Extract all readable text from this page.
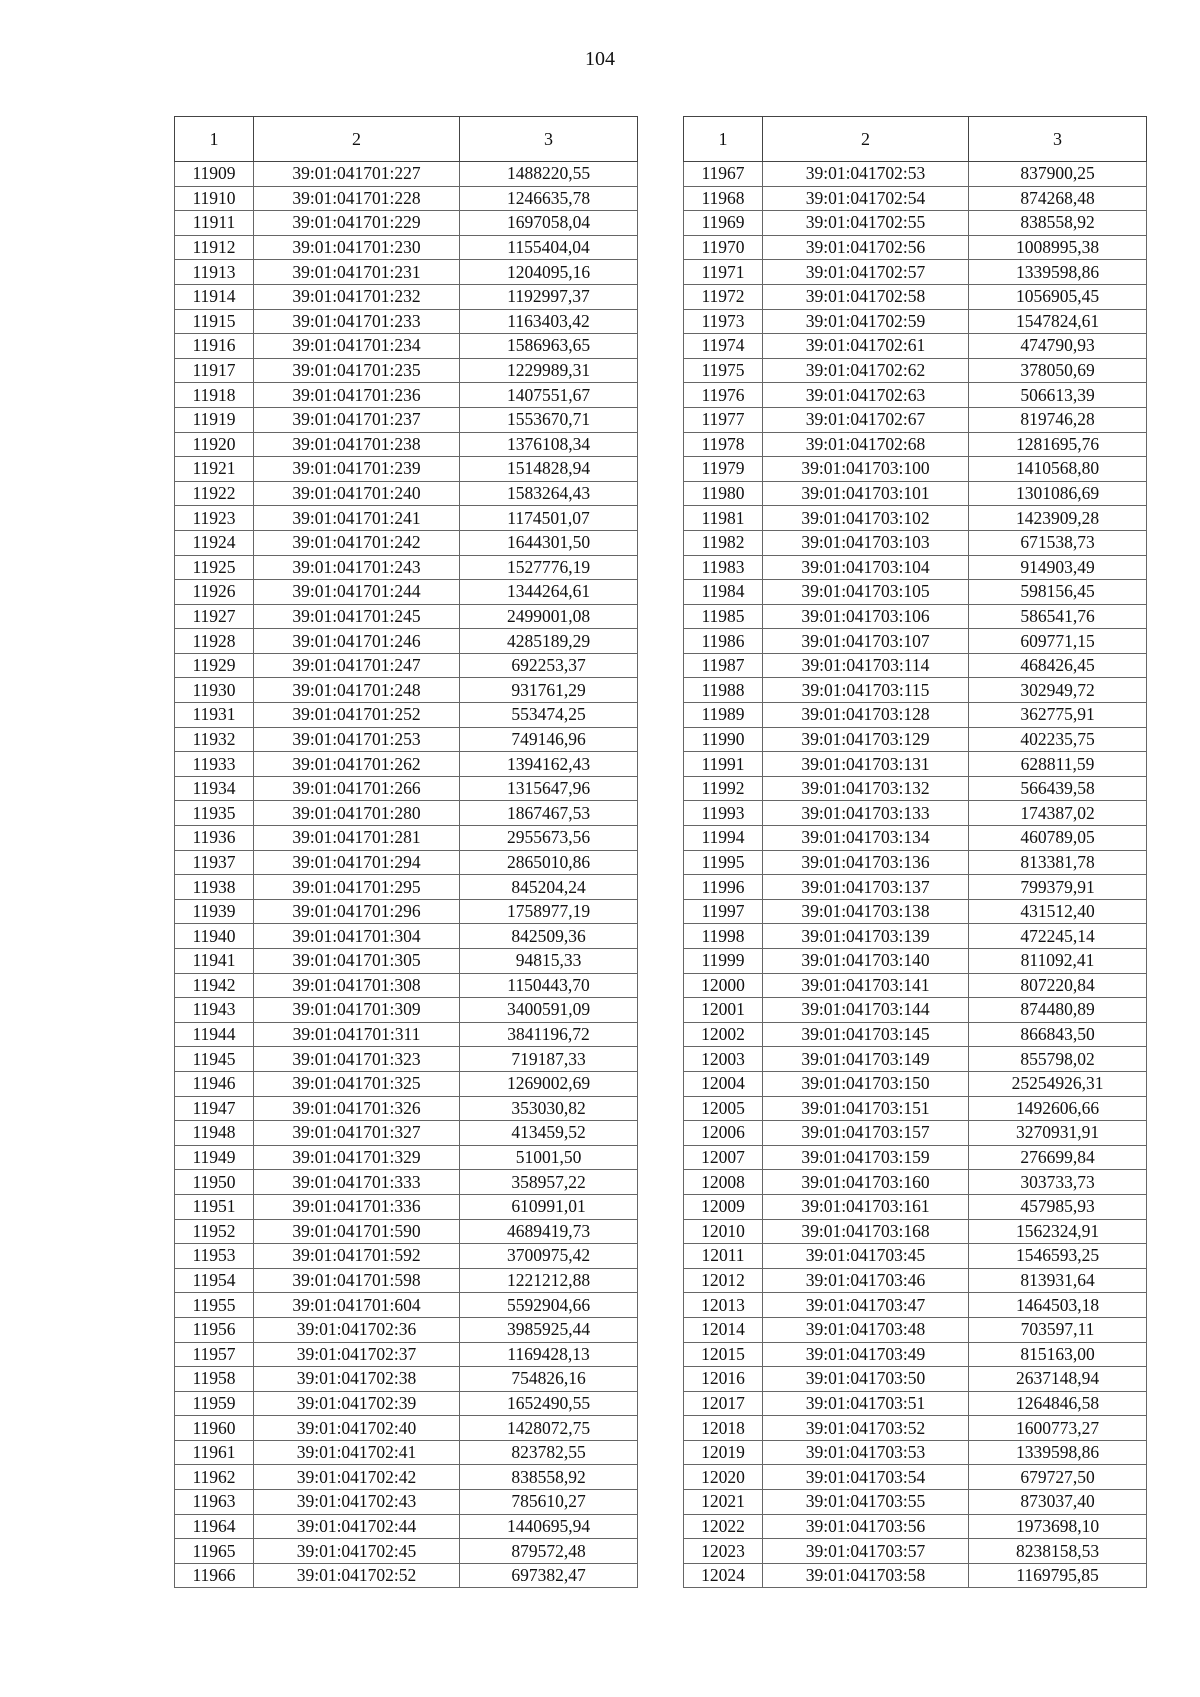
104
1	2	3
11909	39:01:041701:227	1488220,55
11910	39:01:041701:228	1246635,78
11911	39:01:041701:229	1697058,04
11912	39:01:041701:230	1155404,04
11913	39:01:041701:231	1204095,16
11914	39:01:041701:232	1192997,37
11915	39:01:041701:233	1163403,42
11916	39:01:041701:234	1586963,65
11917	39:01:041701:235	1229989,31
11918	39:01:041701:236	1407551,67
11919	39:01:041701:237	1553670,71
11920	39:01:041701:238	1376108,34
11921	39:01:041701:239	1514828,94
11922	39:01:041701:240	1583264,43
11923	39:01:041701:241	1174501,07
11924	39:01:041701:242	1644301,50
11925	39:01:041701:243	1527776,19
11926	39:01:041701:244	1344264,61
11927	39:01:041701:245	2499001,08
11928	39:01:041701:246	4285189,29
11929	39:01:041701:247	692253,37
11930	39:01:041701:248	931761,29
11931	39:01:041701:252	553474,25
11932	39:01:041701:253	749146,96
11933	39:01:041701:262	1394162,43
11934	39:01:041701:266	1315647,96
11935	39:01:041701:280	1867467,53
11936	39:01:041701:281	2955673,56
11937	39:01:041701:294	2865010,86
11938	39:01:041701:295	845204,24
11939	39:01:041701:296	1758977,19
11940	39:01:041701:304	842509,36
11941	39:01:041701:305	94815,33
11942	39:01:041701:308	1150443,70
11943	39:01:041701:309	3400591,09
11944	39:01:041701:311	3841196,72
11945	39:01:041701:323	719187,33
11946	39:01:041701:325	1269002,69
11947	39:01:041701:326	353030,82
11948	39:01:041701:327	413459,52
11949	39:01:041701:329	51001,50
11950	39:01:041701:333	358957,22
11951	39:01:041701:336	610991,01
11952	39:01:041701:590	4689419,73
11953	39:01:041701:592	3700975,42
11954	39:01:041701:598	1221212,88
11955	39:01:041701:604	5592904,66
11956	39:01:041702:36	3985925,44
11957	39:01:041702:37	1169428,13
11958	39:01:041702:38	754826,16
11959	39:01:041702:39	1652490,55
11960	39:01:041702:40	1428072,75
11961	39:01:041702:41	823782,55
11962	39:01:041702:42	838558,92
11963	39:01:041702:43	785610,27
11964	39:01:041702:44	1440695,94
11965	39:01:041702:45	879572,48
11966	39:01:041702:52	697382,47
1	2	3
11967	39:01:041702:53	837900,25
11968	39:01:041702:54	874268,48
11969	39:01:041702:55	838558,92
11970	39:01:041702:56	1008995,38
11971	39:01:041702:57	1339598,86
11972	39:01:041702:58	1056905,45
11973	39:01:041702:59	1547824,61
11974	39:01:041702:61	474790,93
11975	39:01:041702:62	378050,69
11976	39:01:041702:63	506613,39
11977	39:01:041702:67	819746,28
11978	39:01:041702:68	1281695,76
11979	39:01:041703:100	1410568,80
11980	39:01:041703:101	1301086,69
11981	39:01:041703:102	1423909,28
11982	39:01:041703:103	671538,73
11983	39:01:041703:104	914903,49
11984	39:01:041703:105	598156,45
11985	39:01:041703:106	586541,76
11986	39:01:041703:107	609771,15
11987	39:01:041703:114	468426,45
11988	39:01:041703:115	302949,72
11989	39:01:041703:128	362775,91
11990	39:01:041703:129	402235,75
11991	39:01:041703:131	628811,59
11992	39:01:041703:132	566439,58
11993	39:01:041703:133	174387,02
11994	39:01:041703:134	460789,05
11995	39:01:041703:136	813381,78
11996	39:01:041703:137	799379,91
11997	39:01:041703:138	431512,40
11998	39:01:041703:139	472245,14
11999	39:01:041703:140	811092,41
12000	39:01:041703:141	807220,84
12001	39:01:041703:144	874480,89
12002	39:01:041703:145	866843,50
12003	39:01:041703:149	855798,02
12004	39:01:041703:150	25254926,31
12005	39:01:041703:151	1492606,66
12006	39:01:041703:157	3270931,91
12007	39:01:041703:159	276699,84
12008	39:01:041703:160	303733,73
12009	39:01:041703:161	457985,93
12010	39:01:041703:168	1562324,91
12011	39:01:041703:45	1546593,25
12012	39:01:041703:46	813931,64
12013	39:01:041703:47	1464503,18
12014	39:01:041703:48	703597,11
12015	39:01:041703:49	815163,00
12016	39:01:041703:50	2637148,94
12017	39:01:041703:51	1264846,58
12018	39:01:041703:52	1600773,27
12019	39:01:041703:53	1339598,86
12020	39:01:041703:54	679727,50
12021	39:01:041703:55	873037,40
12022	39:01:041703:56	1973698,10
12023	39:01:041703:57	8238158,53
12024	39:01:041703:58	1169795,85
